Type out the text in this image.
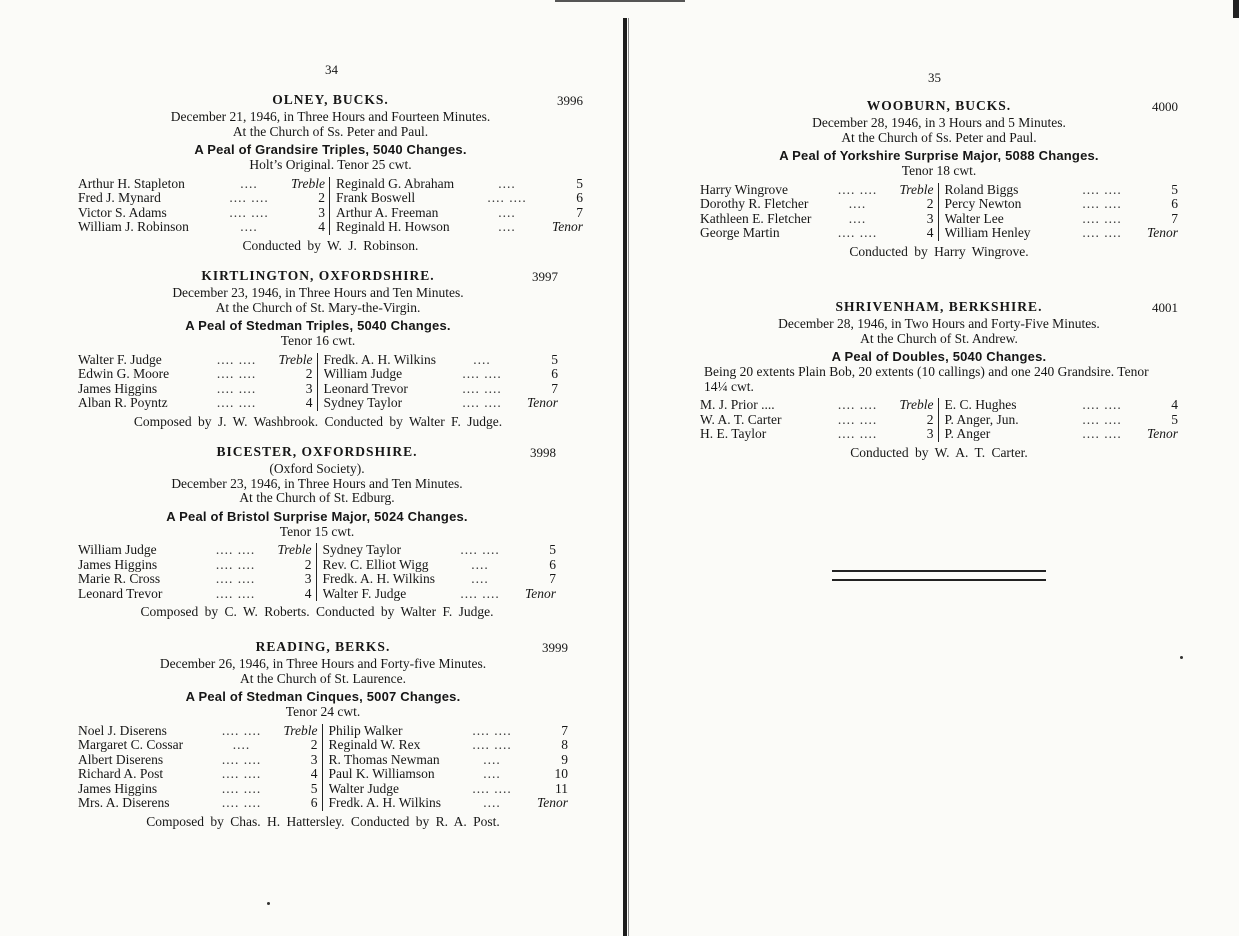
34
OLNEY, BUCKS.	3996
December 21, 1946, in Three Hours and Fourteen Minutes.
At the Church of Ss. Peter and Paul.
A Peal of Grandsire Triples, 5040 Changes.
Holt’s Original. Tenor 25 cwt.
Arthur H. Stapleton	....	Treble
Fred J. Mynard	.... ....	2
Victor S. Adams	.... ....	3
William J. Robinson	....	4
Reginald G. Abraham	....	5
Frank Boswell	.... ....	6
Arthur A. Freeman	....	7
Reginald H. Howson	....	Tenor
Conducted by W. J. Robinson.
KIRTLINGTON, OXFORDSHIRE.	3997
December 23, 1946, in Three Hours and Ten Minutes.
At the Church of St. Mary-the-Virgin.
A Peal of Stedman Triples, 5040 Changes.
Tenor 16 cwt.
Walter F. Judge	.... ....	Treble
Edwin G. Moore	.... ....	2
James Higgins	.... ....	3
Alban R. Poyntz	.... ....	4
Fredk. A. H. Wilkins	....	5
William Judge	.... ....	6
Leonard Trevor	.... ....	7
Sydney Taylor	.... ....	Tenor
Composed by J. W. Washbrook. Conducted by Walter F. Judge.
BICESTER, OXFORDSHIRE.	3998
(Oxford Society).
December 23, 1946, in Three Hours and Ten Minutes.
At the Church of St. Edburg.
A Peal of Bristol Surprise Major, 5024 Changes.
Tenor 15 cwt.
William Judge	.... ....	Treble
James Higgins	.... ....	2
Marie R. Cross	.... ....	3
Leonard Trevor	.... ....	4
Sydney Taylor	.... ....	5
Rev. C. Elliot Wigg	....	6
Fredk. A. H. Wilkins	....	7
Walter F. Judge	.... ....	Tenor
Composed by C. W. Roberts. Conducted by Walter F. Judge.
READING, BERKS.	3999
December 26, 1946, in Three Hours and Forty-five Minutes.
At the Church of St. Laurence.
A Peal of Stedman Cinques, 5007 Changes.
Tenor 24 cwt.
Noel J. Diserens	.... ....	Treble
Margaret C. Cossar	....	2
Albert Diserens	.... ....	3
Richard A. Post	.... ....	4
James Higgins	.... ....	5
Mrs. A. Diserens	.... ....	6
Philip Walker	.... ....	7
Reginald W. Rex	.... ....	8
R. Thomas Newman	....	9
Paul K. Williamson	....	10
Walter Judge	.... ....	11
Fredk. A. H. Wilkins	....	Tenor
Composed by Chas. H. Hattersley. Conducted by R. A. Post.
35
WOOBURN, BUCKS.	4000
December 28, 1946, in 3 Hours and 5 Minutes.
At the Church of Ss. Peter and Paul.
A Peal of Yorkshire Surprise Major, 5088 Changes.
Tenor 18 cwt.
Harry Wingrove	.... ....	Treble
Dorothy R. Fletcher	....	2
Kathleen E. Fletcher	....	3
George Martin	.... ....	4
Roland Biggs	.... ....	5
Percy Newton	.... ....	6
Walter Lee	.... ....	7
William Henley	.... ....	Tenor
Conducted by Harry Wingrove.
SHRIVENHAM, BERKSHIRE.	4001
December 28, 1946, in Two Hours and Forty-Five Minutes.
At the Church of St. Andrew.
A Peal of Doubles, 5040 Changes.
Being 20 extents Plain Bob, 20 extents (10 callings) and one 240 Grandsire. Tenor 14¼ cwt.
M. J. Prior ....	.... ....	Treble
W. A. T. Carter	.... ....	2
H. E. Taylor	.... ....	3
E. C. Hughes	.... ....	4
P. Anger, Jun.	.... ....	5
P. Anger	.... ....	Tenor
Conducted by W. A. T. Carter.
